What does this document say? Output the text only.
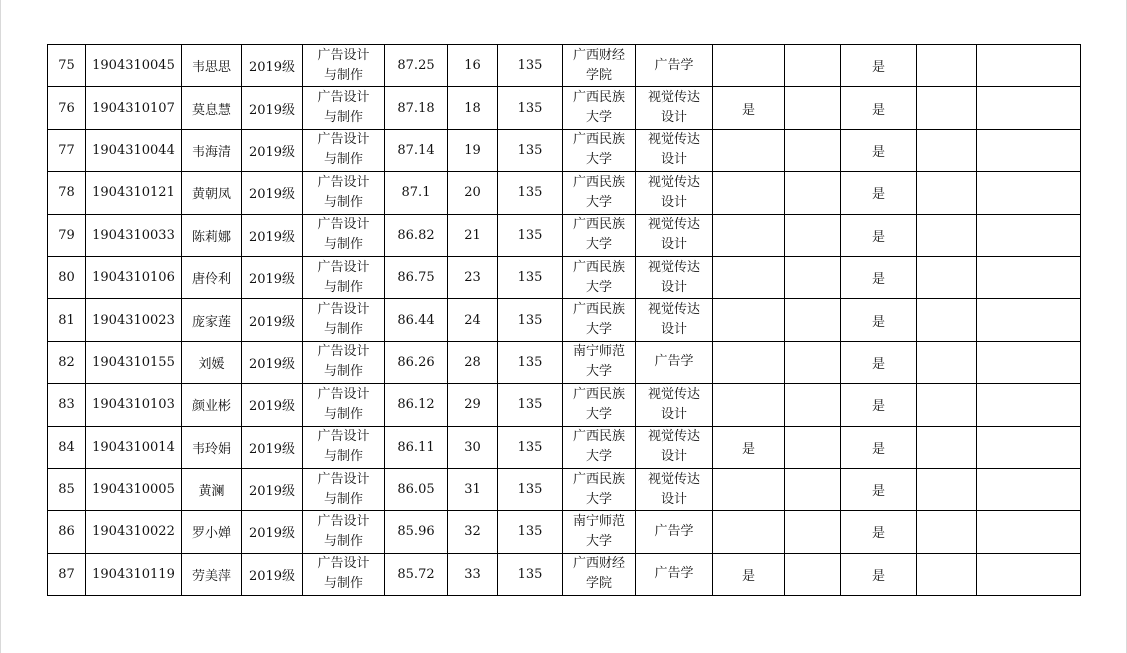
75	1904310045	韦思思	2019级	广告设计
与制作	87.25	16	135	广西财经
学院	广告学			是		
76	1904310107	莫息慧	2019级	广告设计
与制作	87.18	18	135	广西民族
大学	视觉传达
设计	是		是		
77	1904310044	韦海清	2019级	广告设计
与制作	87.14	19	135	广西民族
大学	视觉传达
设计			是		
78	1904310121	黄朝凤	2019级	广告设计
与制作	87.1	20	135	广西民族
大学	视觉传达
设计			是		
79	1904310033	陈莉娜	2019级	广告设计
与制作	86.82	21	135	广西民族
大学	视觉传达
设计			是		
80	1904310106	唐伶利	2019级	广告设计
与制作	86.75	23	135	广西民族
大学	视觉传达
设计			是		
81	1904310023	庞家莲	2019级	广告设计
与制作	86.44	24	135	广西民族
大学	视觉传达
设计			是		
82	1904310155	刘媛	2019级	广告设计
与制作	86.26	28	135	南宁师范
大学	广告学			是		
83	1904310103	颜业彬	2019级	广告设计
与制作	86.12	29	135	广西民族
大学	视觉传达
设计			是		
84	1904310014	韦玲娟	2019级	广告设计
与制作	86.11	30	135	广西民族
大学	视觉传达
设计	是		是		
85	1904310005	黄澜	2019级	广告设计
与制作	86.05	31	135	广西民族
大学	视觉传达
设计			是		
86	1904310022	罗小婵	2019级	广告设计
与制作	85.96	32	135	南宁师范
大学	广告学			是		
87	1904310119	劳美萍	2019级	广告设计
与制作	85.72	33	135	广西财经
学院	广告学	是		是		
